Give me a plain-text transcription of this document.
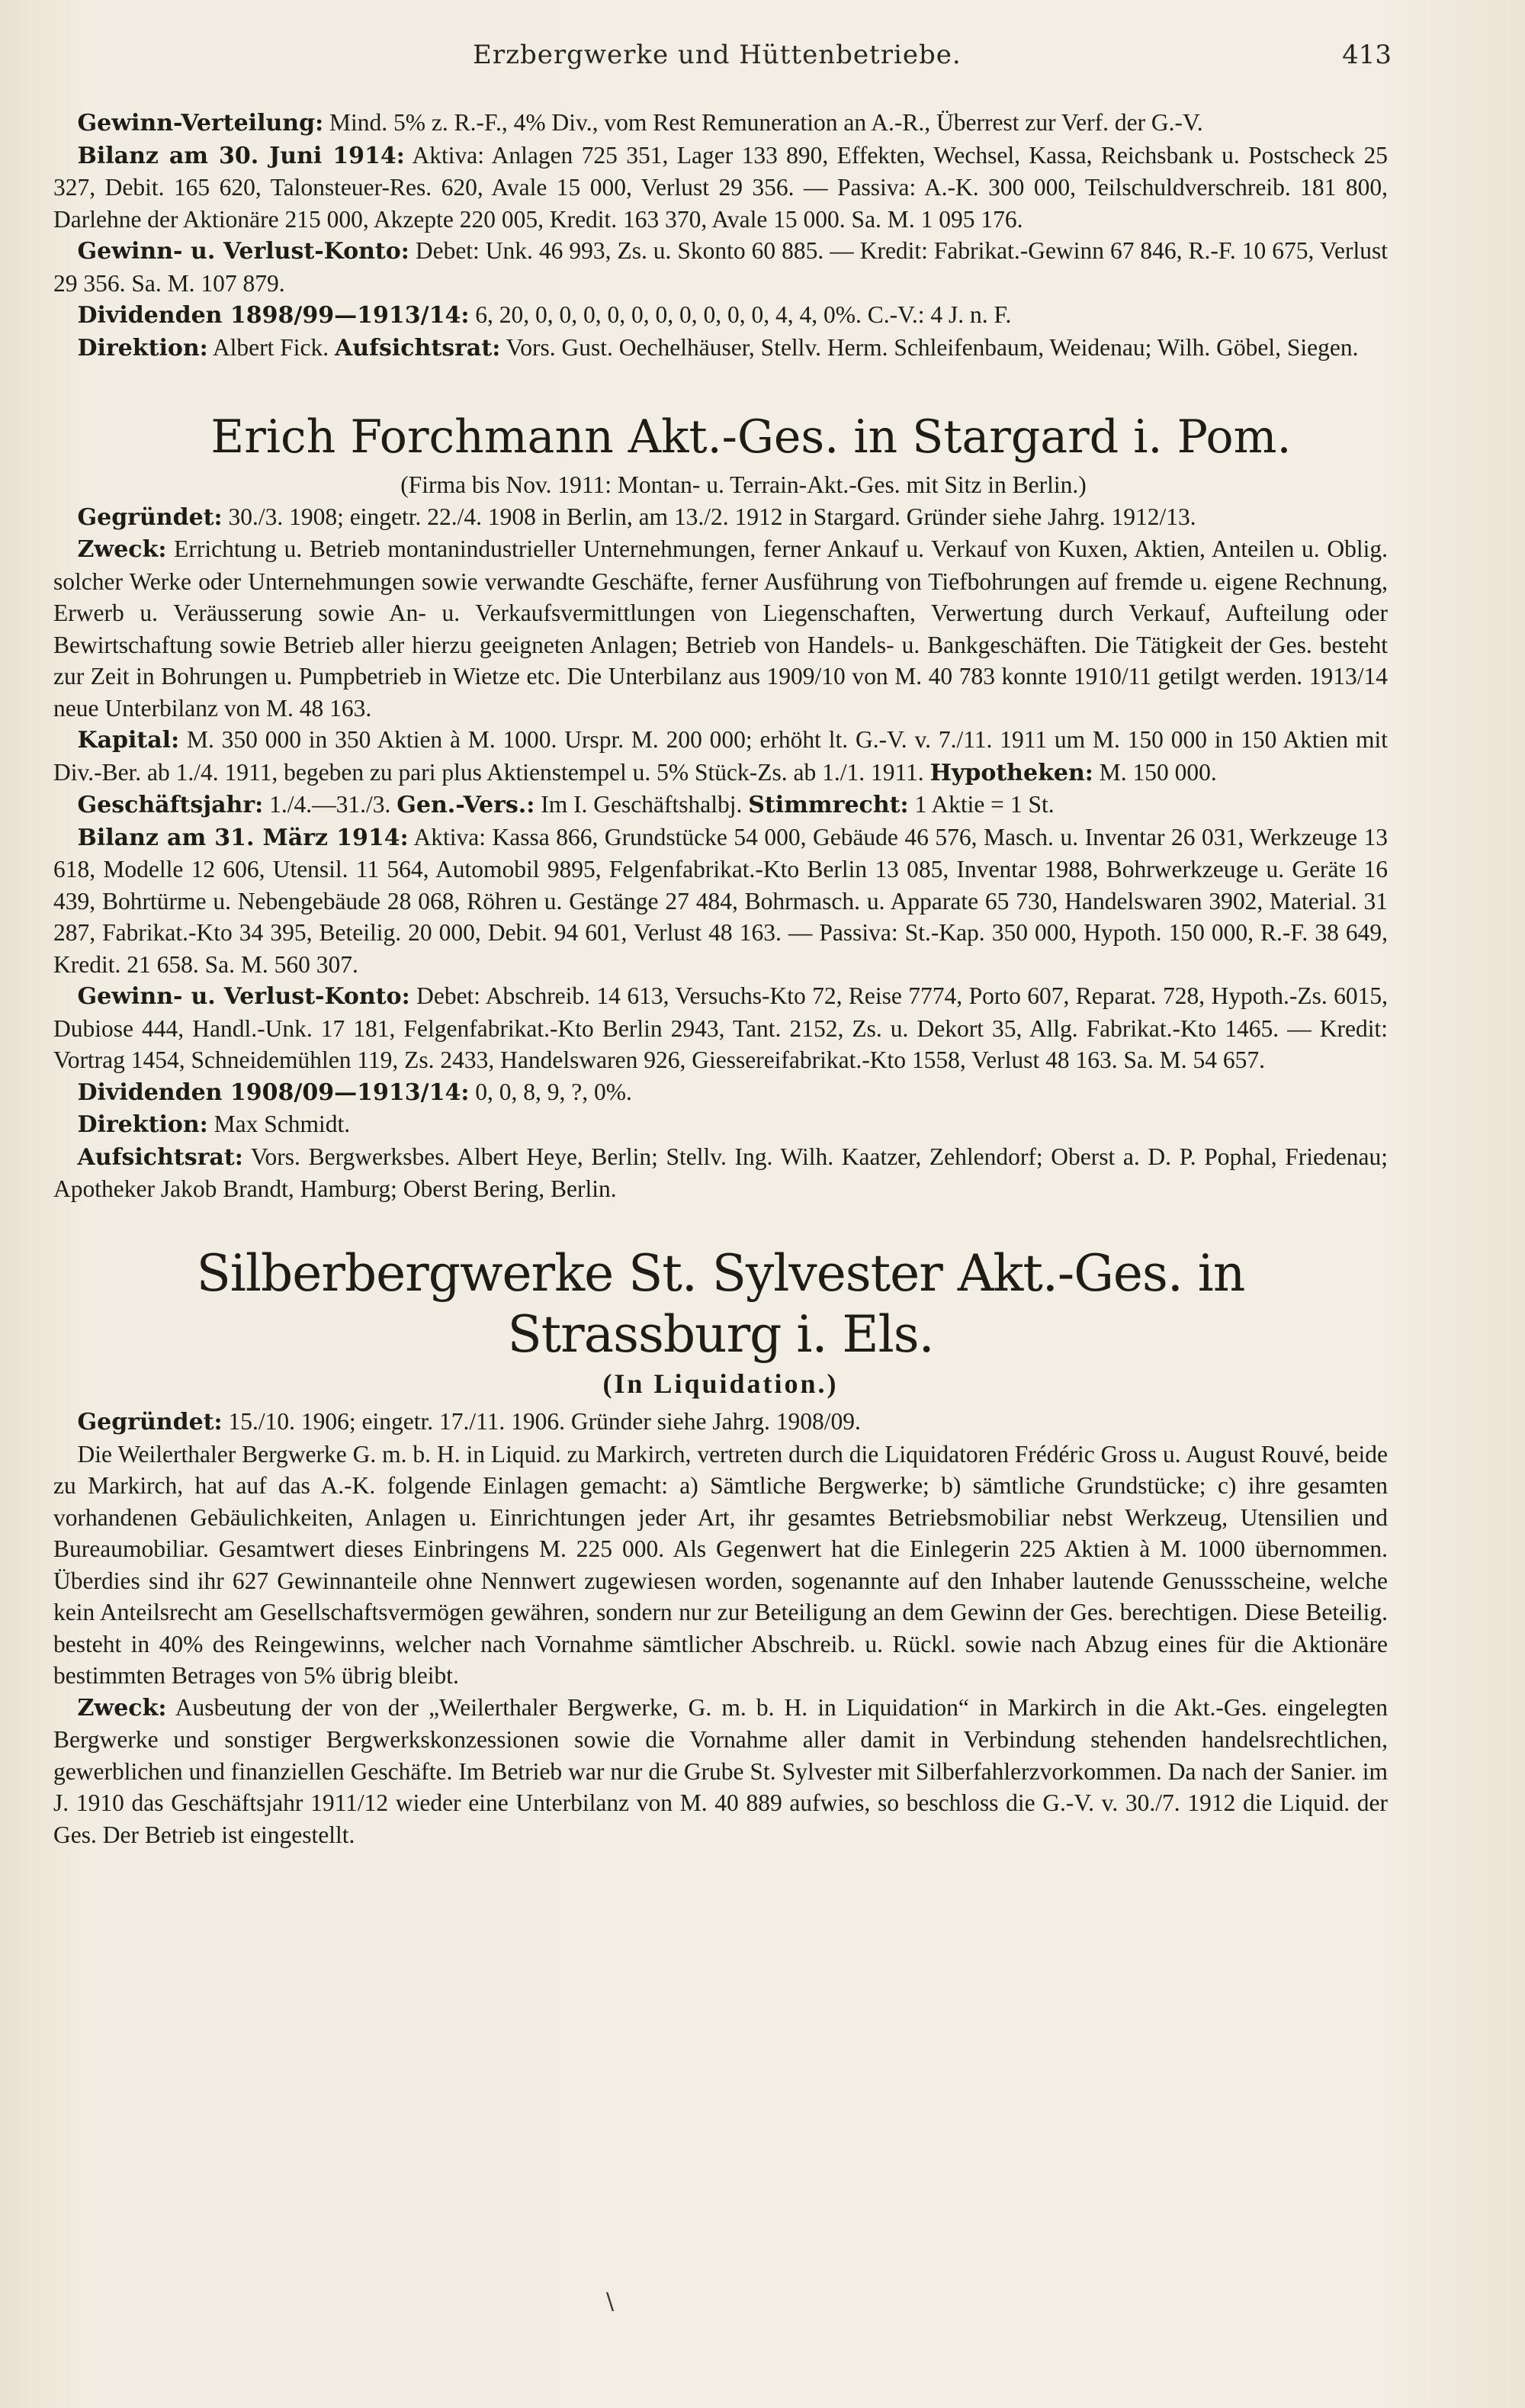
Erzbergwerke und Hüttenbetriebe.	413

 Gewinn-Verteilung: Mind. 5% z. R.-F., 4% Div., vom Rest Remuneration an A.-R., Überrest zur Verf. der G.-V.

 Bilanz am 30. Juni 1914: Aktiva: Anlagen 725 351, Lager 133 890, Effekten, Wechsel, Kassa, Reichsbank u. Postscheck 25 327, Debit. 165 620, Talonsteuer-Res. 620, Avale 15 000, Verlust 29 356. — Passiva: A.-K. 300 000, Teilschuldverschreib. 181 800, Darlehne der Aktionäre 215 000, Akzepte 220 005, Kredit. 163 370, Avale 15 000. Sa. M. 1 095 176.

 Gewinn- u. Verlust-Konto: Debet: Unk. 46 993, Zs. u. Skonto 60 885. — Kredit: Fabrikat.-Gewinn 67 846, R.-F. 10 675, Verlust 29 356. Sa. M. 107 879.

 Dividenden 1898/99—1913/14: 6, 20, 0, 0, 0, 0, 0, 0, 0, 0, 0, 0, 4, 4, 0%. C.-V.: 4 J. n. F.

 Direktion: Albert Fick. Aufsichtsrat: Vors. Gust. Oechelhäuser, Stellv. Herm. Schleifenbaum, Weidenau; Wilh. Göbel, Siegen.

Erich Forchmann Akt.-Ges. in Stargard i. Pom.

(Firma bis Nov. 1911: Montan- u. Terrain-Akt.-Ges. mit Sitz in Berlin.)

 Gegründet: 30./3. 1908; eingetr. 22./4. 1908 in Berlin, am 13./2. 1912 in Stargard. Gründer siehe Jahrg. 1912/13.

 Zweck: Errichtung u. Betrieb montanindustrieller Unternehmungen, ferner Ankauf u. Verkauf von Kuxen, Aktien, Anteilen u. Oblig. solcher Werke oder Unternehmungen sowie verwandte Geschäfte, ferner Ausführung von Tiefbohrungen auf fremde u. eigene Rechnung, Erwerb u. Veräusserung sowie An- u. Verkaufsvermittlungen von Liegenschaften, Verwertung durch Verkauf, Aufteilung oder Bewirtschaftung sowie Betrieb aller hierzu geeigneten Anlagen; Betrieb von Handels- u. Bankgeschäften. Die Tätigkeit der Ges. besteht zur Zeit in Bohrungen u. Pumpbetrieb in Wietze etc. Die Unterbilanz aus 1909/10 von M. 40 783 konnte 1910/11 getilgt werden. 1913/14 neue Unterbilanz von M. 48 163.

 Kapital: M. 350 000 in 350 Aktien à M. 1000. Urspr. M. 200 000; erhöht lt. G.-V. v. 7./11. 1911 um M. 150 000 in 150 Aktien mit Div.-Ber. ab 1./4. 1911, begeben zu pari plus Aktienstempel u. 5% Stück-Zs. ab 1./1. 1911. Hypotheken: M. 150 000.

 Geschäftsjahr: 1./4.—31./3. Gen.-Vers.: Im I. Geschäftshalbj. Stimmrecht: 1 Aktie = 1 St.

 Bilanz am 31. März 1914: Aktiva: Kassa 866, Grundstücke 54 000, Gebäude 46 576, Masch. u. Inventar 26 031, Werkzeuge 13 618, Modelle 12 606, Utensil. 11 564, Automobil 9895, Felgenfabrikat.-Kto Berlin 13 085, Inventar 1988, Bohrwerkzeuge u. Geräte 16 439, Bohrtürme u. Nebengebäude 28 068, Röhren u. Gestänge 27 484, Bohrmasch. u. Apparate 65 730, Handelswaren 3902, Material. 31 287, Fabrikat.-Kto 34 395, Beteilig. 20 000, Debit. 94 601, Verlust 48 163. — Passiva: St.-Kap. 350 000, Hypoth. 150 000, R.-F. 38 649, Kredit. 21 658. Sa. M. 560 307.

 Gewinn- u. Verlust-Konto: Debet: Abschreib. 14 613, Versuchs-Kto 72, Reise 7774, Porto 607, Reparat. 728, Hypoth.-Zs. 6015, Dubiose 444, Handl.-Unk. 17 181, Felgenfabrikat.-Kto Berlin 2943, Tant. 2152, Zs. u. Dekort 35, Allg. Fabrikat.-Kto 1465. — Kredit: Vortrag 1454, Schneidemühlen 119, Zs. 2433, Handelswaren 926, Giessereifabrikat.-Kto 1558, Verlust 48 163. Sa. M. 54 657.

 Dividenden 1908/09—1913/14: 0, 0, 8, 9, ?, 0%.

 Direktion: Max Schmidt.

 Aufsichtsrat: Vors. Bergwerksbes. Albert Heye, Berlin; Stellv. Ing. Wilh. Kaatzer, Zehlendorf; Oberst a. D. P. Pophal, Friedenau; Apotheker Jakob Brandt, Hamburg; Oberst Bering, Berlin.

Silberbergwerke St. Sylvester Akt.-Ges. in Strassburg i. Els.

(In Liquidation.)

 Gegründet: 15./10. 1906; eingetr. 17./11. 1906. Gründer siehe Jahrg. 1908/09.

 Die Weilerthaler Bergwerke G. m. b. H. in Liquid. zu Markirch, vertreten durch die Liquidatoren Frédéric Gross u. August Rouvé, beide zu Markirch, hat auf das A.-K. folgende Einlagen gemacht: a) Sämtliche Bergwerke; b) sämtliche Grundstücke; c) ihre gesamten vorhandenen Gebäulichkeiten, Anlagen u. Einrichtungen jeder Art, ihr gesamtes Betriebsmobiliar nebst Werkzeug, Utensilien und Bureaumobiliar. Gesamtwert dieses Einbringens M. 225 000. Als Gegenwert hat die Einlegerin 225 Aktien à M. 1000 übernommen. Überdies sind ihr 627 Gewinnanteile ohne Nennwert zugewiesen worden, sogenannte auf den Inhaber lautende Genussscheine, welche kein Anteilsrecht am Gesellschaftsvermögen gewähren, sondern nur zur Beteiligung an dem Gewinn der Ges. berechtigen. Diese Beteilig. besteht in 40% des Reingewinns, welcher nach Vornahme sämtlicher Abschreib. u. Rückl. sowie nach Abzug eines für die Aktionäre bestimmten Betrages von 5% übrig bleibt.

 Zweck: Ausbeutung der von der „Weilerthaler Bergwerke, G. m. b. H. in Liquidation“ in Markirch in die Akt.-Ges. eingelegten Bergwerke und sonstiger Bergwerkskonzessionen sowie die Vornahme aller damit in Verbindung stehenden handelsrechtlichen, gewerblichen und finanziellen Geschäfte. Im Betrieb war nur die Grube St. Sylvester mit Silberfahlerzvorkommen. Da nach der Sanier. im J. 1910 das Geschäftsjahr 1911/12 wieder eine Unterbilanz von M. 40 889 aufwies, so beschloss die G.-V. v. 30./7. 1912 die Liquid. der Ges. Der Betrieb ist eingestellt.

\
